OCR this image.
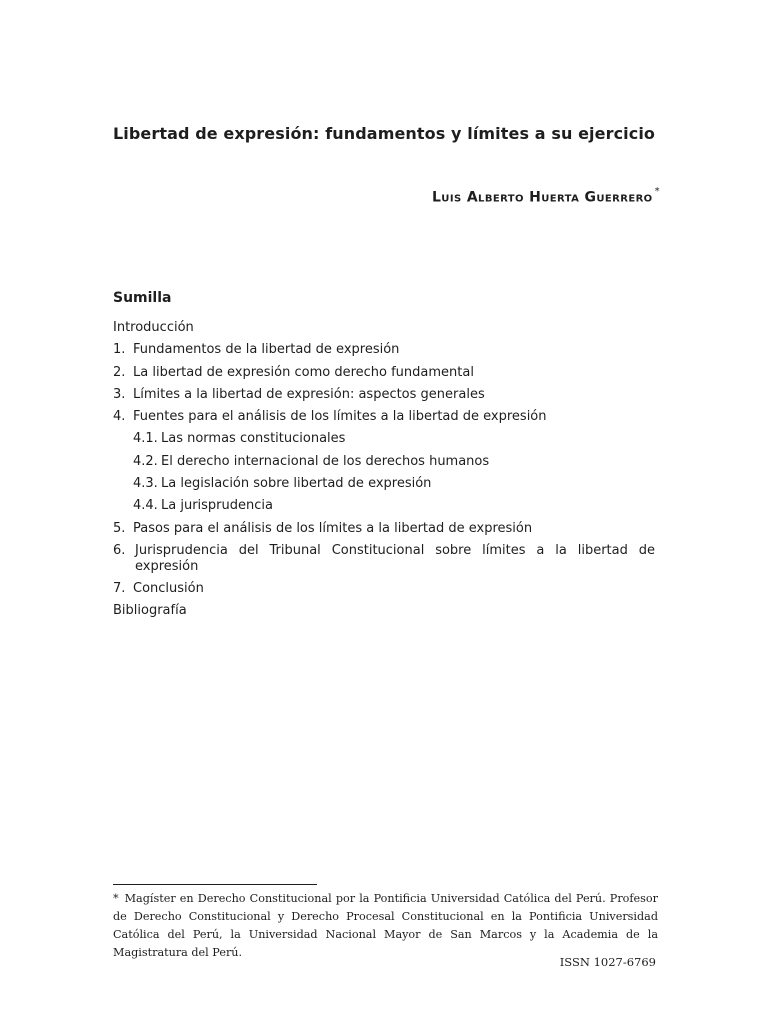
Libertad de expresión: fundamentos y límites a su ejercicio
Luis Alberto Huerta Guerrero *
Sumilla
Introducción
1. Fundamentos de la libertad de expresión
2. La libertad de expresión como derecho fundamental
3. Límites a la libertad de expresión: aspectos generales
4. Fuentes para el análisis de los límites a la libertad de expresión
4.1. Las normas constitucionales
4.2. El derecho internacional de los derechos humanos
4.3. La legislación sobre libertad de expresión
4.4. La jurisprudencia
5. Pasos para el análisis de los límites a la libertad de expresión
6. Jurisprudencia del Tribunal Constitucional sobre límites a la libertad de expresión
7. Conclusión
Bibliografía
* Magíster en Derecho Constitucional por la Pontificia Universidad Católica del Perú. Profesor de Derecho Constitucional y Derecho Procesal Constitucional en la Pontificia Universidad Católica del Perú, la Universidad Nacional Mayor de San Marcos y la Academia de la Magistratura del Perú.
ISSN 1027-6769
